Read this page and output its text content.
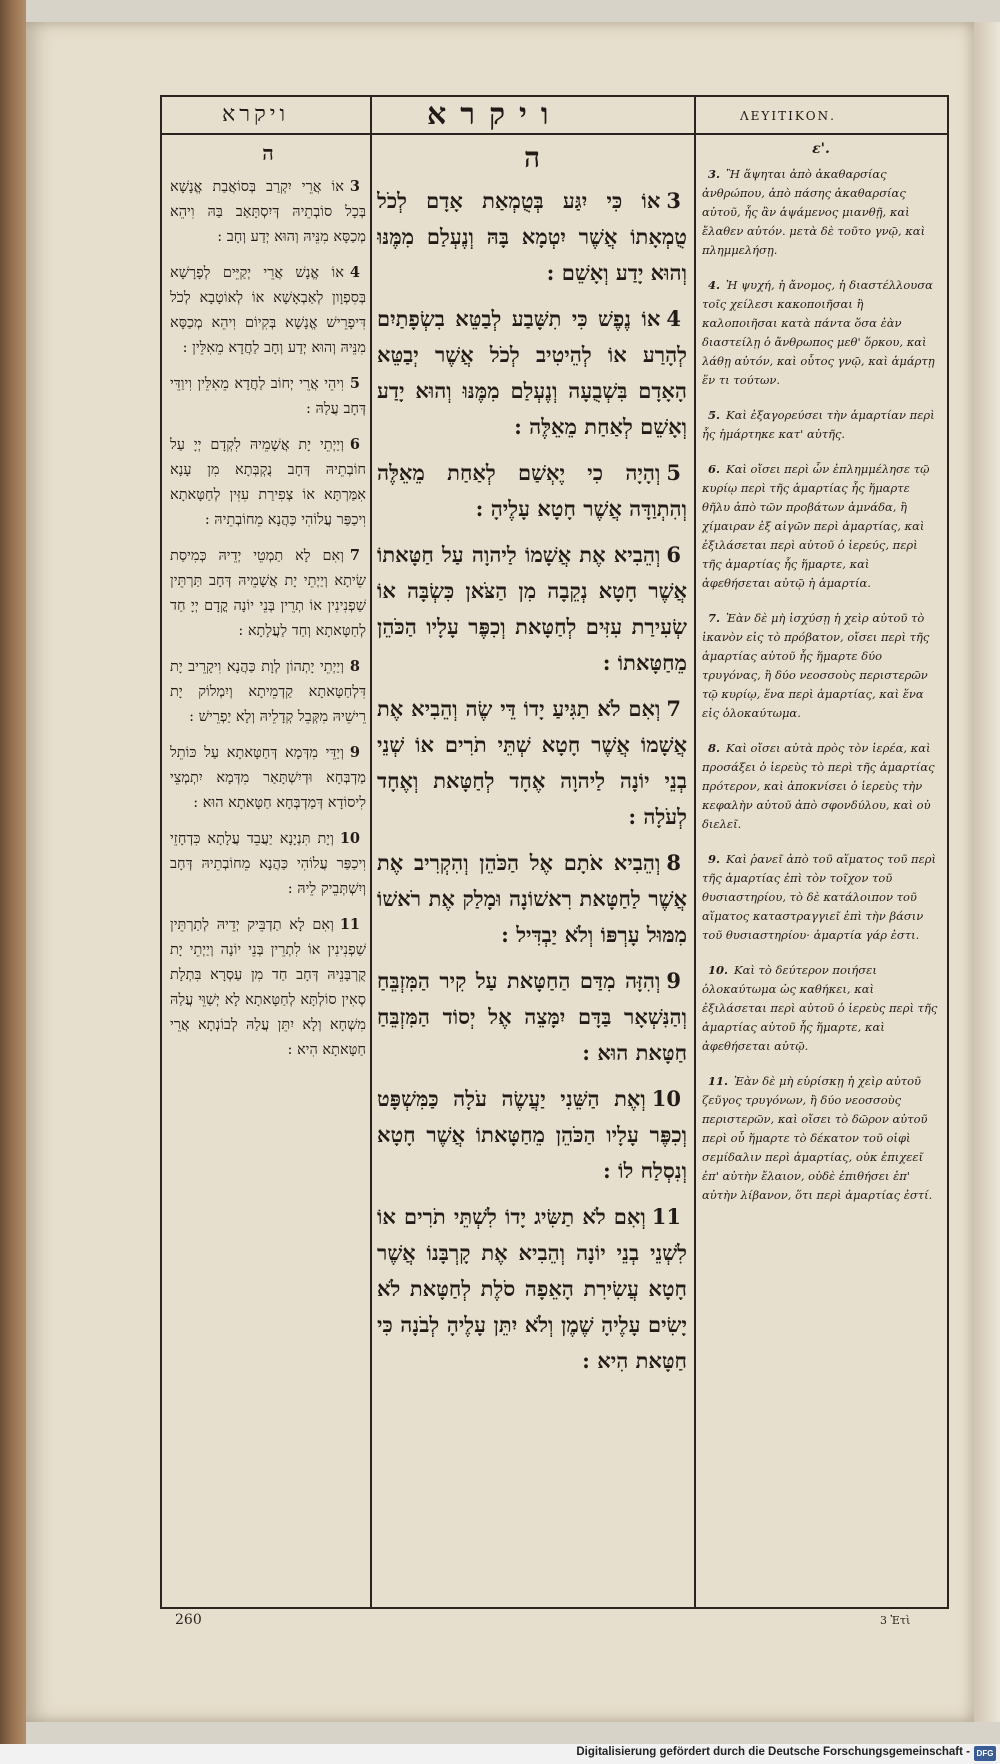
ויקרא	ויקרא	ΛΕΥΙΤΙΚΟΝ.
ה
3אוֹ אֲרֵי יִקְרַב בְּסוֹאֲבַת אֱנָשָׁא בְּכָל סוֹבְתֵיהּ דְּיִסְתָּאַב בַּהּ וִיהֵא מְכַסָּא מִנֵּיהּ וְהוּא יְדַע וְחָב :
4אוֹ אֱנָשׁ אֲרֵי יְקַיֵּים לְפָרָשָׁא בְּסִפְוָון לְאַבְאָשָׁא אוֹ לְאוֹטָבָא לְכֹל דִּיפָרֵישׁ אֱנָשָׁא בְּקִיוֹם וִיהֵא מְכַסָּא מִנֵּיהּ וְהוּא יְדַע וְחָב לַחֲדָא מֵאִלֵּין :
5וִיהֵי אֲרֵי יְחוֹב לַחֲדָא מֵאִלֵּין וִיוַדֵּי דְּחָב עֲלַהּ :
6וְיַיְתֵי יָת אֲשָׁמֵיהּ לִקְדָם יְיָ עַל חוֹבְתֵיהּ דְּחָב נֻקְבְּתָא מִן עָנָא אִמַּרְתָּא אוֹ צְפִירַת עִזִּין לְחַטָּאתָא וִיכַפַּר עֲלוֹהִי כַּהֲנָא מֵחוֹבְתֵיהּ :
7וְאִם לָא תַמְטֵי יְדֵיהּ כְּמִיסַת שֵׂיתָא וְיַיְתֵי יָת אֲשָׁמֵיהּ דְּחָב תַּרְתֵּין שַׁפְנִינִין אוֹ תְרֵין בְּנֵי יוֹנָה קֳדָם יְיָ חַד לְחַטָּאתָא וְחַד לַעֲלָתָא :
8וְיַיְתֵי יָתְהוֹן לְוָת כַּהֲנָא וִיקָרֵיב יָת דִּלְחַטָּאתָא קַדְמֵיתָא וְיִמְלוֹק יָת רֵישֵׁיהּ מִקְּבֵל קְדָלֵיהּ וְלָא יַפְרֵישׁ :
9וְיַדֵּי מִדְּמָא דְּחַטָּאתָא עַל כּוֹתֵל מַדְבְּחָא וּדְיִשְׁתָּאַר מִדְּמָא יִתְמְצֵי לִיסוֹדָא דְּמַדְבְּחָא חַטָּאתָא הוּא :
10וְיָת תִּנְיָנָא יַעֲבֵד עֲלָתָא כִּדְחָזֵי וִיכַפַּר עֲלוֹהִי כַּהֲנָא מֵחוֹבְתֵיהּ דְּחָב וְיִשְׁתְּבֵיק לֵיהּ :
11וְאִם לָא תַדְבֵּיק יְדֵיהּ לְתַרְתֵּין שַׁפְנִינִין אוֹ לִתְרֵין בְּנֵי יוֹנָה וְיַיְתֵי יָת קֻרְבָּנֵיהּ דְּחָב חַד מִן עַסְרָא בִּתְלָת סְאִין סוֹלְתָּא לְחַטָּאתָא לָא יְשַׁוֵּי עֲלַהּ מִשְׁחָא וְלָא יִתֵּן עֲלַהּ לְבוֹנְתָא אֲרֵי חַטָּאתָא הִיא :
ה
3אוֹ כִּי יִגַּע בְּטֻמְאַת אָדָם לְכֹל טֻמְאָתוֹ אֲשֶׁר יִטְמָא בָּהּ וְנֶעְלַם מִמֶּנּוּ וְהוּא יָדַע וְאָשֵׁם :
4אוֹ נֶפֶשׁ כִּי תִשָּׁבַע לְבַטֵּא בִשְׂפָתַיִם לְהָרַע אוֹ לְהֵיטִיב לְכֹל אֲשֶׁר יְבַטֵּא הָאָדָם בִּשְׁבֻעָה וְנֶעְלַם מִמֶּנּוּ וְהוּא יָדַע וְאָשֵׁם לְאַחַת מֵאֵלֶּה :
5וְהָיָה כִי יֶאְשַׁם לְאַחַת מֵאֵלֶּה וְהִתְוַדָּה אֲשֶׁר חָטָא עָלֶיהָ :
6וְהֵבִיא אֶת אֲשָׁמוֹ לַיהוָה עַל חַטָּאתוֹ אֲשֶׁר חָטָא נְקֵבָה מִן הַצֹּאן כִּשְׂבָּה אוֹ שְׂעִירַת עִזִּים לְחַטָּאת וְכִפֶּר עָלָיו הַכֹּהֵן מֵחַטָּאתוֹ :
7וְאִם לֹא תַגִּיעַ יָדוֹ דֵּי שֶׂה וְהֵבִיא אֶת אֲשָׁמוֹ אֲשֶׁר חָטָא שְׁתֵּי תֹרִים אוֹ שְׁנֵי בְנֵי יוֹנָה לַיהוָה אֶחָד לְחַטָּאת וְאֶחָד לְעֹלָה :
8וְהֵבִיא אֹתָם אֶל הַכֹּהֵן וְהִקְרִיב אֶת אֲשֶׁר לַחַטָּאת רִאשׁוֹנָה וּמָלַק אֶת רֹאשׁוֹ מִמּוּל עָרְפּוֹ וְלֹא יַבְדִּיל :
9וְהִזָּה מִדַּם הַחַטָּאת עַל קִיר הַמִּזְבֵּחַ וְהַנִּשְׁאָר בַּדָּם יִמָּצֵה אֶל יְסוֹד הַמִּזְבֵּחַ חַטָּאת הוּא :
10וְאֶת הַשֵּׁנִי יַעֲשֶׂה עֹלָה כַּמִּשְׁפָּט וְכִפֶּר עָלָיו הַכֹּהֵן מֵחַטָּאתוֹ אֲשֶׁר חָטָא וְנִסְלַח לוֹ :
11וְאִם לֹא תַשִּׂיג יָדוֹ לִשְׁתֵּי תֹרִים אוֹ לִשְׁנֵי בְנֵי יוֹנָה וְהֵבִיא אֶת קָרְבָּנוֹ אֲשֶׁר חָטָא עֲשִׂירִת הָאֵפָה סֹלֶת לְחַטָּאת לֹא יָשִׂים עָלֶיהָ שֶׁמֶן וְלֹא יִתֵּן עָלֶיהָ לְבֹנָה כִּי חַטָּאת הִיא :
ε'.
3. Ἢ ἅψηται ἀπὸ ἀκαθαρσίας ἀνθρώπου, ἀπὸ πάσης ἀκαθαρσίας αὐτοῦ, ἧς ἂν ἁψάμενος μιανθῇ, καὶ ἔλαθεν αὐτόν. μετὰ δὲ τοῦτο γνῷ, καὶ πλημμελήσῃ.
4. Ἡ ψυχή, ἡ ἄνομος, ἡ διαστέλλουσα τοῖς χείλεσι κακοποιῆσαι ἢ καλοποιῆσαι κατὰ πάντα ὅσα ἐὰν διαστείλῃ ὁ ἄνθρωπος μεθ' ὅρκου, καὶ λάθῃ αὐτόν, καὶ οὗτος γνῷ, καὶ ἁμάρτῃ ἕν τι τούτων.
5. Καὶ ἐξαγορεύσει τὴν ἁμαρτίαν περὶ ἧς ἡμάρτηκε κατ' αὐτῆς.
6. Καὶ οἴσει περὶ ὧν ἐπλημμέλησε τῷ κυρίῳ περὶ τῆς ἁμαρτίας ἧς ἥμαρτε θῆλυ ἀπὸ τῶν προβάτων ἀμνάδα, ἢ χίμαιραν ἐξ αἰγῶν περὶ ἁμαρτίας, καὶ ἐξιλάσεται περὶ αὐτοῦ ὁ ἱερεύς, περὶ τῆς ἁμαρτίας ἧς ἥμαρτε, καὶ ἀφεθήσεται αὐτῷ ἡ ἁμαρτία.
7. Ἐὰν δὲ μὴ ἰσχύσῃ ἡ χεὶρ αὐτοῦ τὸ ἱκανὸν εἰς τὸ πρόβατον, οἴσει περὶ τῆς ἁμαρτίας αὐτοῦ ἧς ἥμαρτε δύο τρυγόνας, ἢ δύο νεοσσοὺς περιστερῶν τῷ κυρίῳ, ἕνα περὶ ἁμαρτίας, καὶ ἕνα εἰς ὁλοκαύτωμα.
8. Καὶ οἴσει αὐτὰ πρὸς τὸν ἱερέα, καὶ προσάξει ὁ ἱερεὺς τὸ περὶ τῆς ἁμαρτίας πρότερον, καὶ ἀποκνίσει ὁ ἱερεὺς τὴν κεφαλὴν αὐτοῦ ἀπὸ σφονδύλου, καὶ οὐ διελεῖ.
9. Καὶ ῥανεῖ ἀπὸ τοῦ αἵματος τοῦ περὶ τῆς ἁμαρτίας ἐπὶ τὸν τοῖχον τοῦ θυσιαστηρίου, τὸ δὲ κατάλοιπον τοῦ αἵματος καταστραγγιεῖ ἐπὶ τὴν βάσιν τοῦ θυσιαστηρίου· ἁμαρτία γάρ ἐστι.
10. Καὶ τὸ δεύτερον ποιήσει ὁλοκαύτωμα ὡς καθήκει, καὶ ἐξιλάσεται περὶ αὐτοῦ ὁ ἱερεὺς περὶ τῆς ἁμαρτίας αὐτοῦ ἧς ἥμαρτε, καὶ ἀφεθήσεται αὐτῷ.
11. Ἐὰν δὲ μὴ εὑρίσκῃ ἡ χεὶρ αὐτοῦ ζεῦγος τρυγόνων, ἢ δύο νεοσσοὺς περιστερῶν, καὶ οἴσει τὸ δῶρον αὐτοῦ περὶ οὗ ἥμαρτε τὸ δέκατον τοῦ οἰφὶ σεμίδαλιν περὶ ἁμαρτίας, οὐκ ἐπιχεεῖ ἐπ' αὐτὴν ἔλαιον, οὐδὲ ἐπιθήσει ἐπ' αὐτὴν λίβανον, ὅτι περὶ ἁμαρτίας ἐστί.
260	3 Ἐτὶ
Digitalisierung gefördert durch die Deutsche Forschungsgemeinschaft - DFG
